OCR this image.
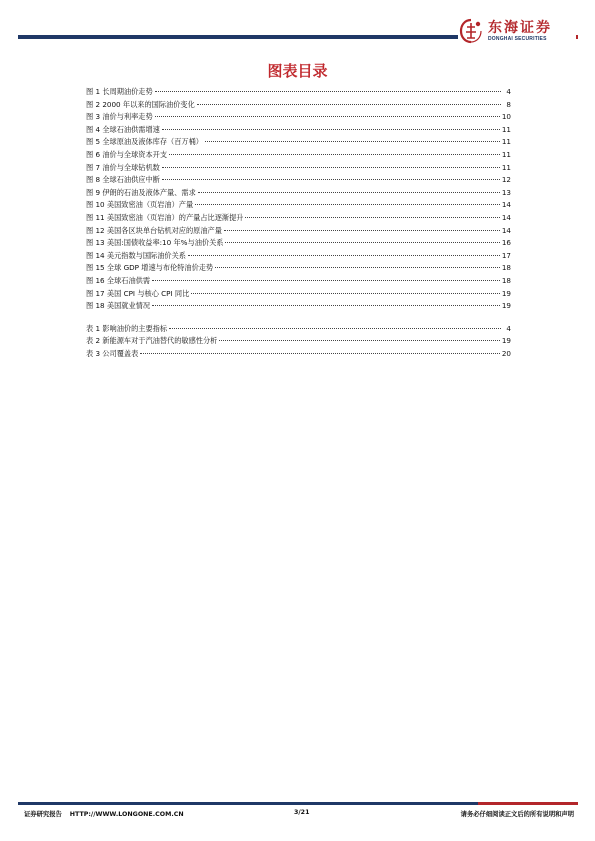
东海证券
DONGHAI SECURITIES
图表目录
图 1 长周期油价走势	4
图 2 2000 年以来的国际油价变化	8
图 3 油价与利率走势	10
图 4 全球石油供需增速	11
图 5 全球原油及液体库存（百万桶）	11
图 6 油价与全球资本开支	11
图 7 油价与全球钻机数	11
图 8 全球石油供应中断	12
图 9 伊朗的石油及液体产量、需求	13
图 10 美国致密油（页岩油）产量	14
图 11 美国致密油（页岩油）的产量占比逐渐提升	14
图 12 美国各区块单台钻机对应的原油产量	14
图 13 美国:国债收益率:10 年%与油价关系	16
图 14 美元指数与国际油价关系	17
图 15 全球 GDP 增速与布伦特油价走势	18
图 16 全球石油供需	18
图 17 美国 CPI 与核心 CPI 同比	19
图 18 美国就业情况	19
表 1 影响油价的主要指标	4
表 2 新能源车对于汽油替代的敏感性分析	19
表 3 公司覆盖表	20
证券研究报告 HTTP://WWW.LONGONE.COM.CN	3/21	请务必仔细阅读正文后的所有说明和声明
